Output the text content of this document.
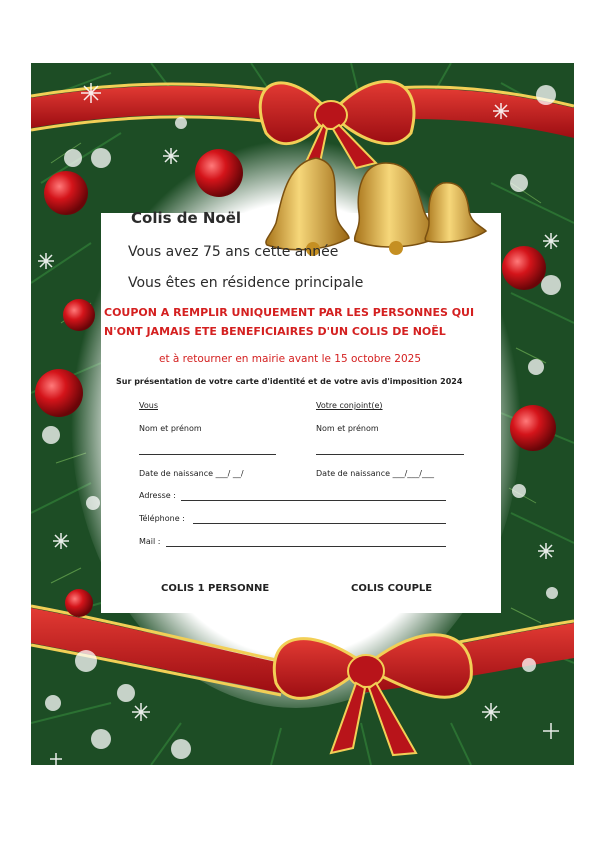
Colis de Noël
Vous avez 75 ans cette année
Vous êtes en résidence principale
COUPON A REMPLIR UNIQUEMENT PAR LES PERSONNES QUI
N'ONT JAMAIS ETE BENEFICIAIRES D'UN COLIS DE NOËL
et à retourner en mairie avant le 15 octobre 2025
Sur présentation de votre carte d'identité et de votre avis d'imposition 2024
Vous	Votre conjoint(e)
Nom et prénom	Nom et prénom
Date de naissance ___/ __/	Date de naissance ___/___/___
Adresse :
Téléphone :
Mail :
COLIS 1 PERSONNE	COLIS COUPLE
